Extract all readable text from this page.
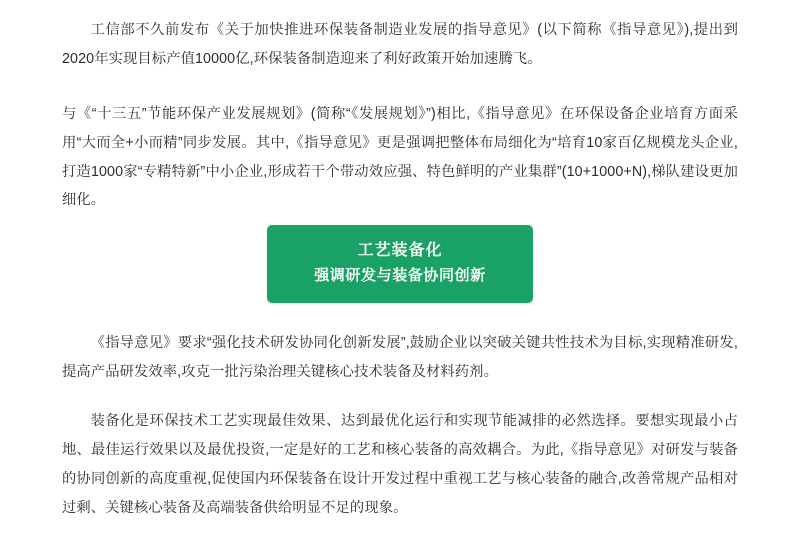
工信部不久前发布《关于加快推进环保装备制造业发展的指导意见》(以下简称《指导意见》),提出到2020年实现目标产值10000亿,环保装备制造迎来了利好政策开始加速腾飞。

与《“十三五”节能环保产业发展规划》(简称“《发展规划》”)相比,《指导意见》在环保设备企业培育方面采用“大而全+小而精”同步发展。其中,《指导意见》更是强调把整体布局细化为“培育10家百亿规模龙头企业,打造1000家“专精特新”中小企业,形成若干个带动效应强、特色鲜明的产业集群”(10+1000+N),梯队建设更加细化。

工艺装备化
强调研发与装备协同创新

《指导意见》要求“强化技术研发协同化创新发展”,鼓励企业以突破关键共性技术为目标,实现精准研发,提高产品研发效率,攻克一批污染治理关键核心技术装备及材料药剂。

装备化是环保技术工艺实现最佳效果、达到最优化运行和实现节能减排的必然选择。要想实现最小占地、最佳运行效果以及最优投资,一定是好的工艺和核心装备的高效耦合。为此,《指导意见》对研发与装备的协同创新的高度重视,促使国内环保装备在设计开发过程中重视工艺与核心装备的融合,改善常规产品相对过剩、关键核心装备及高端装备供给明显不足的现象。
